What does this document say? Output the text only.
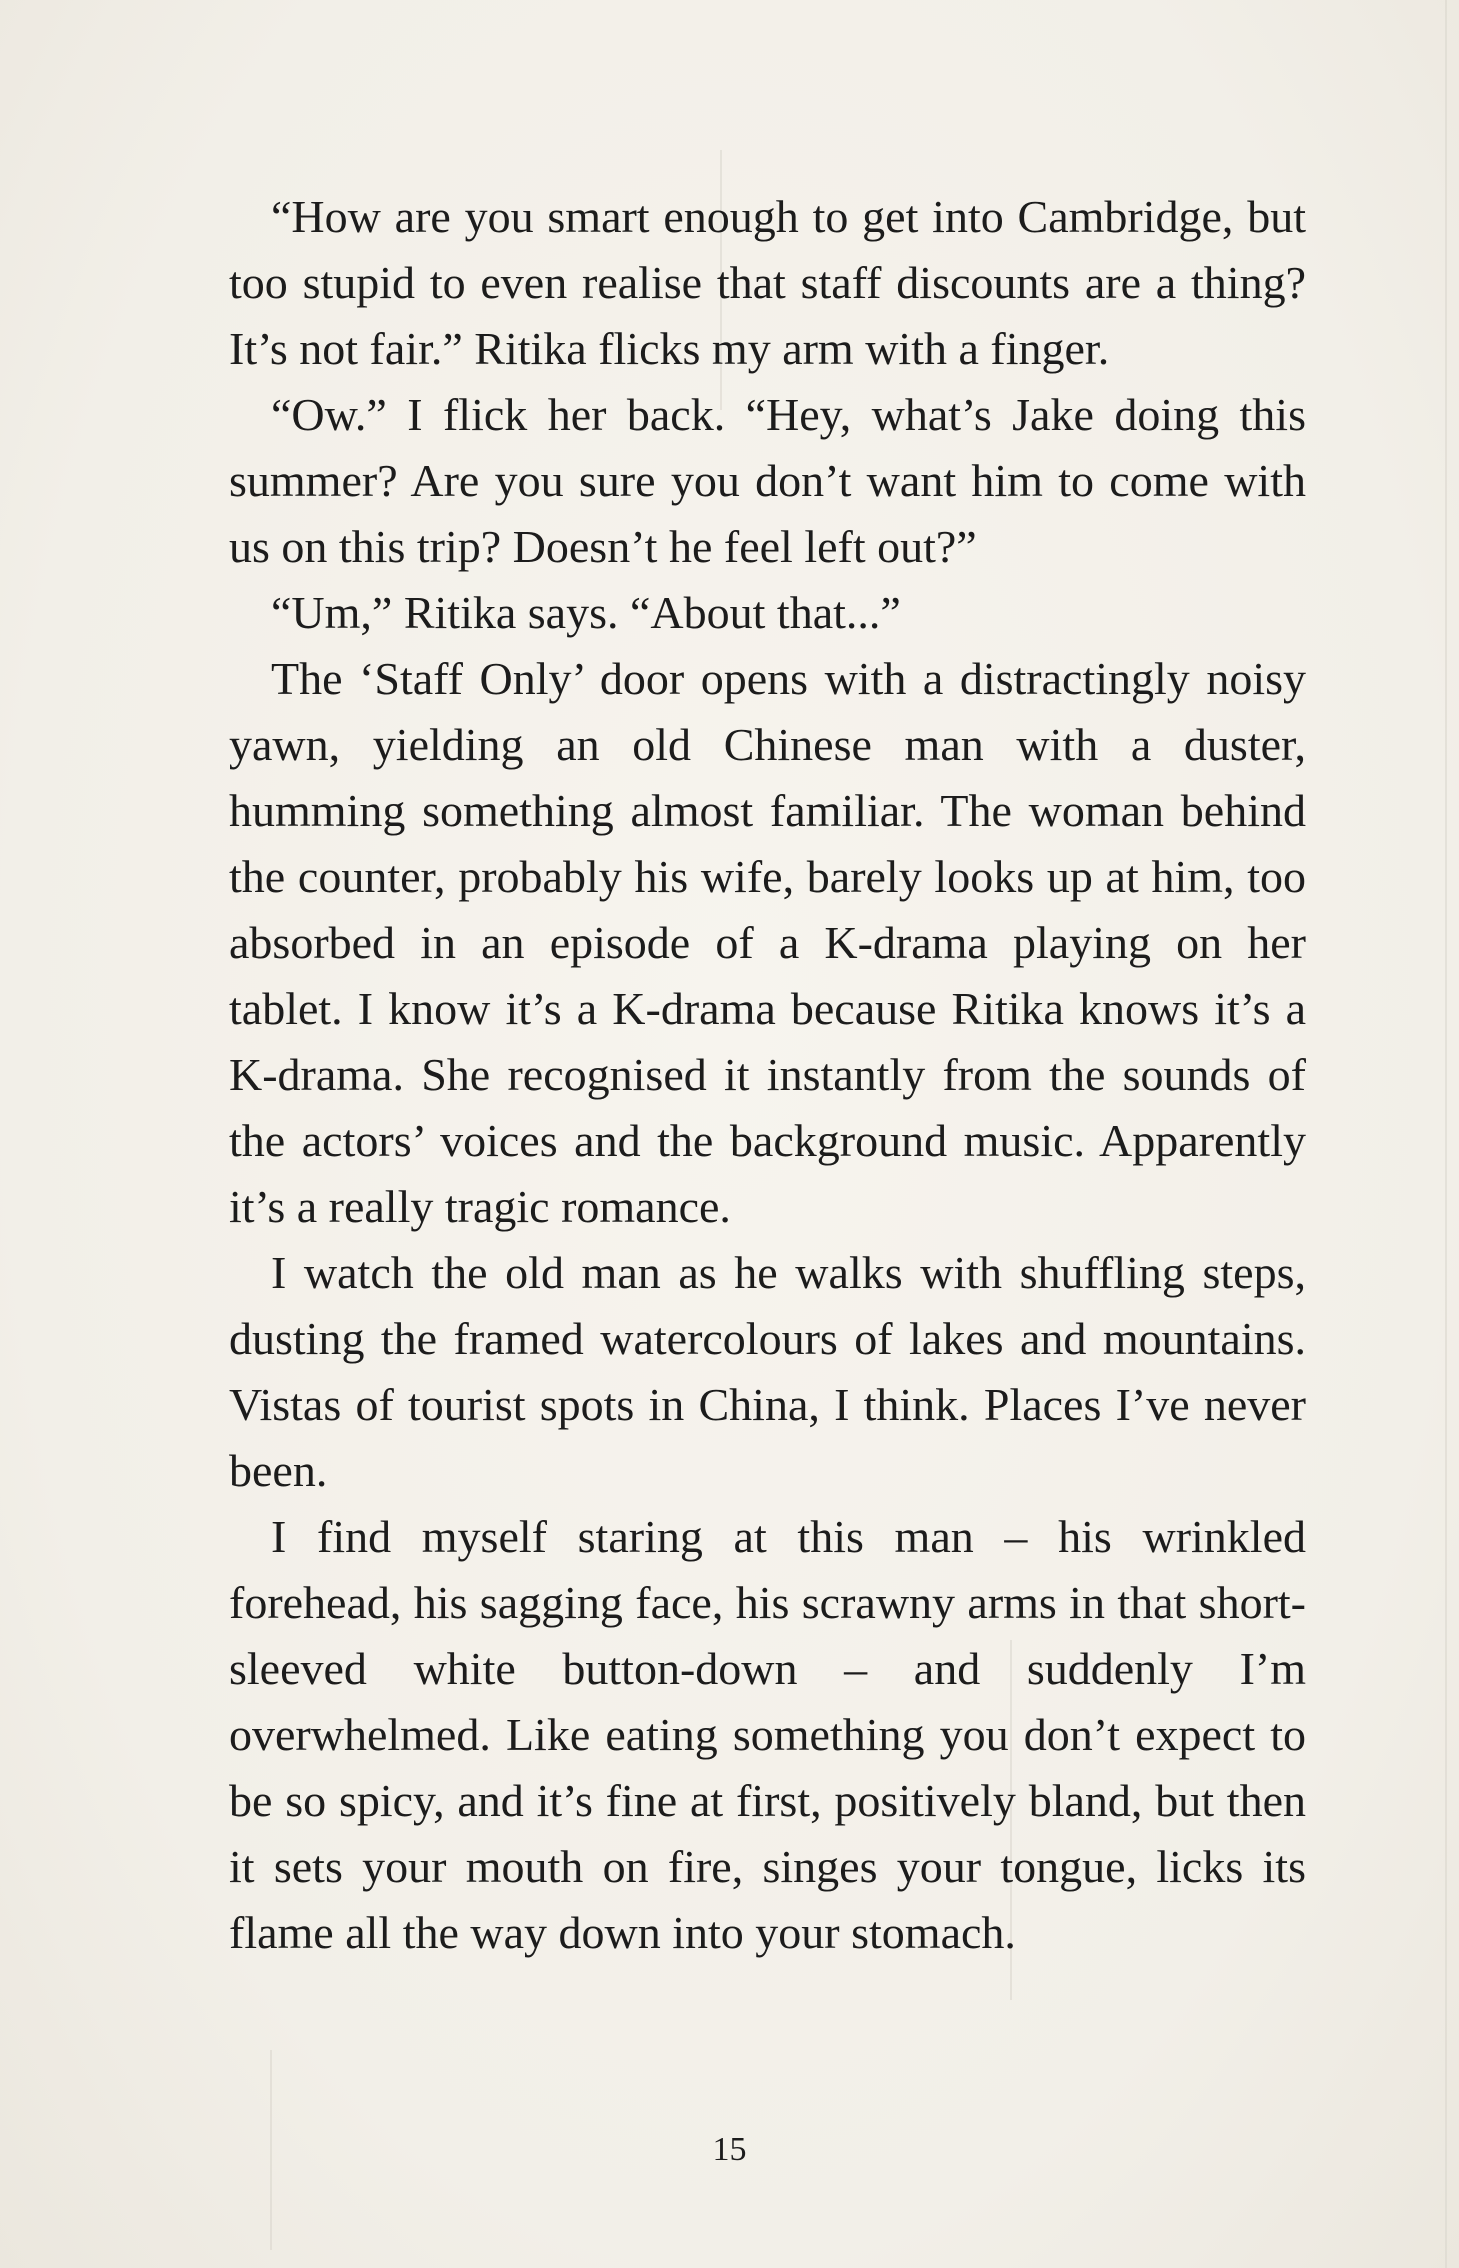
“How are you smart enough to get into Cambridge, but too stupid to even realise that staff discounts are a thing? It’s not fair.” Ritika flicks my arm with a finger.

“Ow.” I flick her back. “Hey, what’s Jake doing this summer? Are you sure you don’t want him to come with us on this trip? Doesn’t he feel left out?”

“Um,” Ritika says. “About that...”

The ‘Staff Only’ door opens with a distractingly noisy yawn, yielding an old Chinese man with a duster, humming something almost familiar. The woman behind the counter, probably his wife, barely looks up at him, too absorbed in an episode of a K-drama playing on her tablet. I know it’s a K-drama because Ritika knows it’s a K-drama. She recognised it instantly from the sounds of the actors’ voices and the background music. Apparently it’s a really tragic romance.

I watch the old man as he walks with shuffling steps, dusting the framed watercolours of lakes and mountains. Vistas of tourist spots in China, I think. Places I’ve never been.

I find myself staring at this man – his wrinkled forehead, his sagging face, his scrawny arms in that short-sleeved white button-down – and suddenly I’m overwhelmed. Like eating something you don’t expect to be so spicy, and it’s fine at first, positively bland, but then it sets your mouth on fire, singes your tongue, licks its flame all the way down into your stomach.

15
